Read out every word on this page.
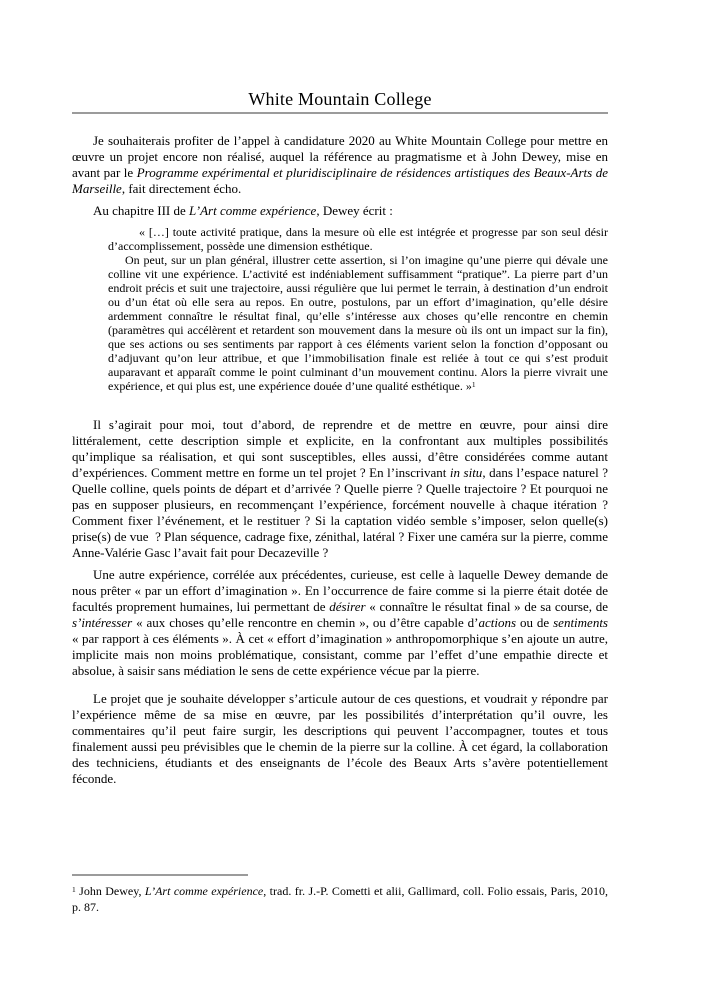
White Mountain College

Je souhaiterais profiter de l’appel à candidature 2020 au White Mountain College pour mettre en œuvre un projet encore non réalisé, auquel la référence au pragmatisme et à John Dewey, mise en avant par le Programme expérimental et pluridisciplinaire de résidences artistiques des Beaux-Arts de Marseille, fait directement écho.

Au chapitre III de L’Art comme expérience, Dewey écrit :

« […] toute activité pratique, dans la mesure où elle est intégrée et progresse par son seul désir d’accomplissement, possède une dimension esthétique.

On peut, sur un plan général, illustrer cette assertion, si l’on imagine qu’une pierre qui dévale une colline vit une expérience. L’activité est indéniablement suffisamment “pratique”. La pierre part d’un endroit précis et suit une trajectoire, aussi régulière que lui permet le terrain, à destination d’un endroit ou d’un état où elle sera au repos. En outre, postulons, par un effort d’imagination, qu’elle désire ardemment connaître le résultat final, qu’elle s’intéresse aux choses qu’elle rencontre en chemin (paramètres qui accélèrent et retardent son mouvement dans la mesure où ils ont un impact sur la fin), que ses actions ou ses sentiments par rapport à ces éléments varient selon la fonction d’opposant ou d’adjuvant qu’on leur attribue, et que l’immobilisation finale est reliée à tout ce qui s’est produit auparavant et apparaît comme le point culminant d’un mouvement continu. Alors la pierre vivrait une expérience, et qui plus est, une expérience douée d’une qualité esthétique. »$^1$

Il s’agirait pour moi, tout d’abord, de reprendre et de mettre en œuvre, pour ainsi dire littéralement, cette description simple et explicite, en la confrontant aux multiples possibilités qu’implique sa réalisation, et qui sont susceptibles, elles aussi, d’être considérées comme autant d’expériences. Comment mettre en forme un tel projet ? En l’inscrivant in situ, dans l’espace naturel ? Quelle colline, quels points de départ et d’arrivée ? Quelle pierre ? Quelle trajectoire ? Et pourquoi ne pas en supposer plusieurs, en recommençant l’expérience, forcément nouvelle à chaque itération ? Comment fixer l’événement, et le restituer ? Si la captation vidéo semble s’imposer, selon quelle(s) prise(s) de vue  ? Plan séquence, cadrage fixe, zénithal, latéral ? Fixer une caméra sur la pierre, comme Anne-Valérie Gasc l’avait fait pour Decazeville ?

Une autre expérience, corrélée aux précédentes, curieuse, est celle à laquelle Dewey demande de nous prêter « par un effort d’imagination ». En l’occurrence de faire comme si la pierre était dotée de facultés proprement humaines, lui permettant de désirer « connaître le résultat final » de sa course, de s’intéresser « aux choses qu’elle rencontre en chemin », ou d’être capable d’actions ou de sentiments « par rapport à ces éléments ». À cet « effort d’imagination » anthropomorphique s’en ajoute un autre, implicite mais non moins problématique, consistant, comme par l’effet d’une empathie directe et absolue, à saisir sans médiation le sens de cette expérience vécue par la pierre.

Le projet que je souhaite développer s’articule autour de ces questions, et voudrait y répondre par l’expérience même de sa mise en œuvre, par les possibilités d’interprétation qu’il ouvre, les commentaires qu’il peut faire surgir, les descriptions qui peuvent l’accompagner, toutes et tous finalement aussi peu prévisibles que le chemin de la pierre sur la colline. À cet égard, la collaboration des techniciens, étudiants et des enseignants de l’école des Beaux Arts s’avère potentiellement féconde.

$^1$ John Dewey, L’Art comme expérience, trad. fr. J.-P. Cometti et alii, Gallimard, coll. Folio essais, Paris, 2010, p. 87.
